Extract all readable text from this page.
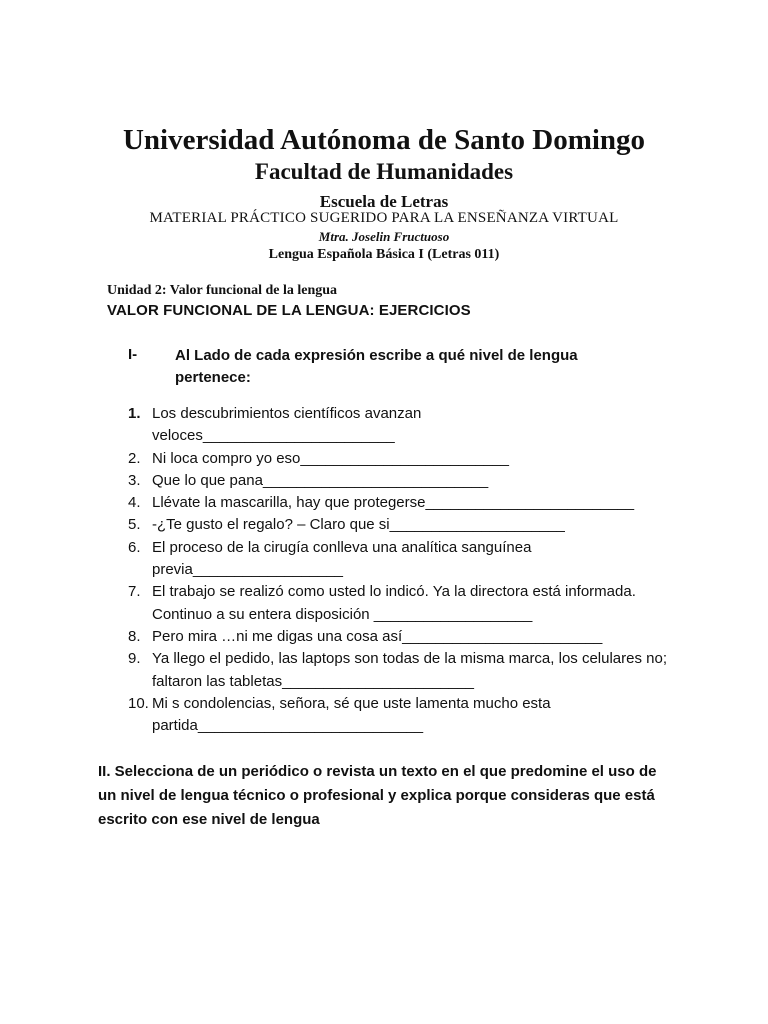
Universidad Autónoma de Santo Domingo
Facultad de Humanidades
Escuela de Letras
MATERIAL PRÁCTICO SUGERIDO PARA LA ENSEÑANZA VIRTUAL
Mtra. Joselin Fructuoso
Lengua Española Básica I (Letras 011)
Unidad 2: Valor funcional de la lengua
VALOR FUNCIONAL DE LA LENGUA: EJERCICIOS
I-	Al Lado de cada expresión escribe a qué nivel de lengua pertenece:
1. Los descubrimientos científicos avanzan veloces_______________________
2. Ni loca compro yo eso_________________________
3. Que lo que pana___________________________
4. Llévate la mascarilla, hay que protegerse_________________________
5. -¿Te gusto el regalo? – Claro que si_____________________
6. El proceso de la cirugía conlleva una analítica sanguínea previa__________________
7. El trabajo se realizó como usted lo indicó. Ya la directora está informada. Continuo a su entera disposición ___________________
8. Pero mira …ni me digas una cosa así________________________
9. Ya llego el pedido, las laptops son todas de la misma marca, los celulares no; faltaron las tabletas_______________________
10. Mi s condolencias, señora, sé que uste lamenta mucho esta partida___________________________
II. Selecciona de un periódico o revista un texto en el que predomine el uso de un nivel de lengua técnico o profesional y explica porque consideras que está escrito con ese nivel de lengua
